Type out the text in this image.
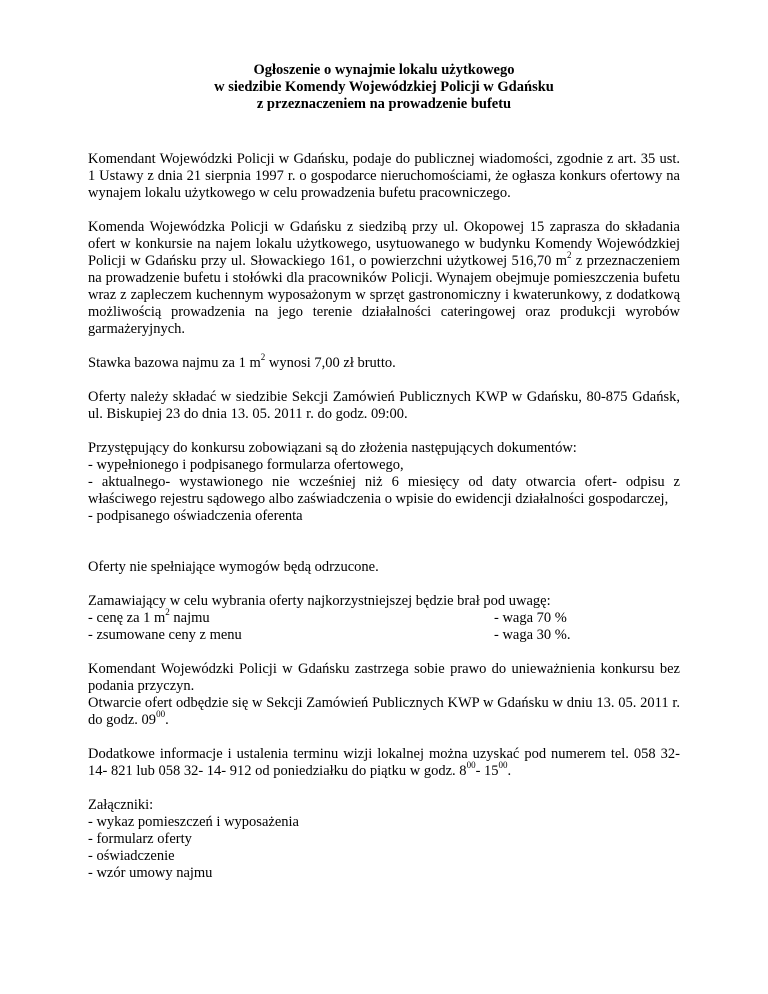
Ogłoszenie o wynajmie lokalu użytkowego
w siedzibie Komendy Wojewódzkiej Policji w Gdańsku
z przeznaczeniem na prowadzenie bufetu

Komendant Wojewódzki Policji w Gdańsku, podaje do publicznej wiadomości, zgodnie z art. 35 ust. 1 Ustawy z dnia 21 sierpnia 1997 r. o gospodarce nieruchomościami, że ogłasza konkurs ofertowy na wynajem lokalu użytkowego w celu prowadzenia bufetu pracowniczego.

Komenda Wojewódzka Policji w Gdańsku z siedzibą przy ul. Okopowej 15 zaprasza do składania ofert w konkursie na najem lokalu użytkowego, usytuowanego w budynku Komendy Wojewódzkiej Policji w Gdańsku przy ul. Słowackiego 161, o powierzchni użytkowej 516,70 $m^2$ z przeznaczeniem na prowadzenie bufetu i stołówki dla pracowników Policji. Wynajem obejmuje pomieszczenia bufetu wraz z zapleczem kuchennym wyposażonym w sprzęt gastronomiczny i kwaterunkowy, z dodatkową możliwością prowadzenia na jego terenie działalności cateringowej oraz produkcji wyrobów garmażeryjnych.

Stawka bazowa najmu za 1 $m^2$ wynosi 7,00 zł brutto.

Oferty należy składać w siedzibie Sekcji Zamówień Publicznych KWP w Gdańsku, 80-875 Gdańsk, ul. Biskupiej 23 do dnia 13. 05. 2011 r. do godz. 09:00.

Przystępujący do konkursu zobowiązani są do złożenia następujących dokumentów:
- wypełnionego i podpisanego formularza ofertowego,
- aktualnego- wystawionego nie wcześniej niż 6 miesięcy od daty otwarcia ofert- odpisu z właściwego rejestru sądowego albo zaświadczenia o wpisie do ewidencji działalności gospodarczej,
- podpisanego oświadczenia oferenta

Oferty nie spełniające wymogów będą odrzucone.

Zamawiający w celu wybrania oferty najkorzystniejszej będzie brał pod uwagę:
- cenę za 1 $m^2$ najmu	- waga 70 %
- zsumowane ceny z menu	- waga 30 %.

Komendant Wojewódzki Policji w Gdańsku zastrzega sobie prawo do unieważnienia konkursu bez podania przyczyn.
Otwarcie ofert odbędzie się w Sekcji Zamówień Publicznych KWP w Gdańsku w dniu 13. 05. 2011 r. do godz. $09^{00}$.

Dodatkowe informacje i ustalenia terminu wizji lokalnej można uzyskać pod numerem tel. 058 32- 14- 821 lub 058 32- 14- 912 od poniedziałku do piątku w godz. $8^{00}-$ $15^{00}$.

Załączniki:
- wykaz pomieszczeń i wyposażenia
- formularz oferty
- oświadczenie
- wzór umowy najmu
